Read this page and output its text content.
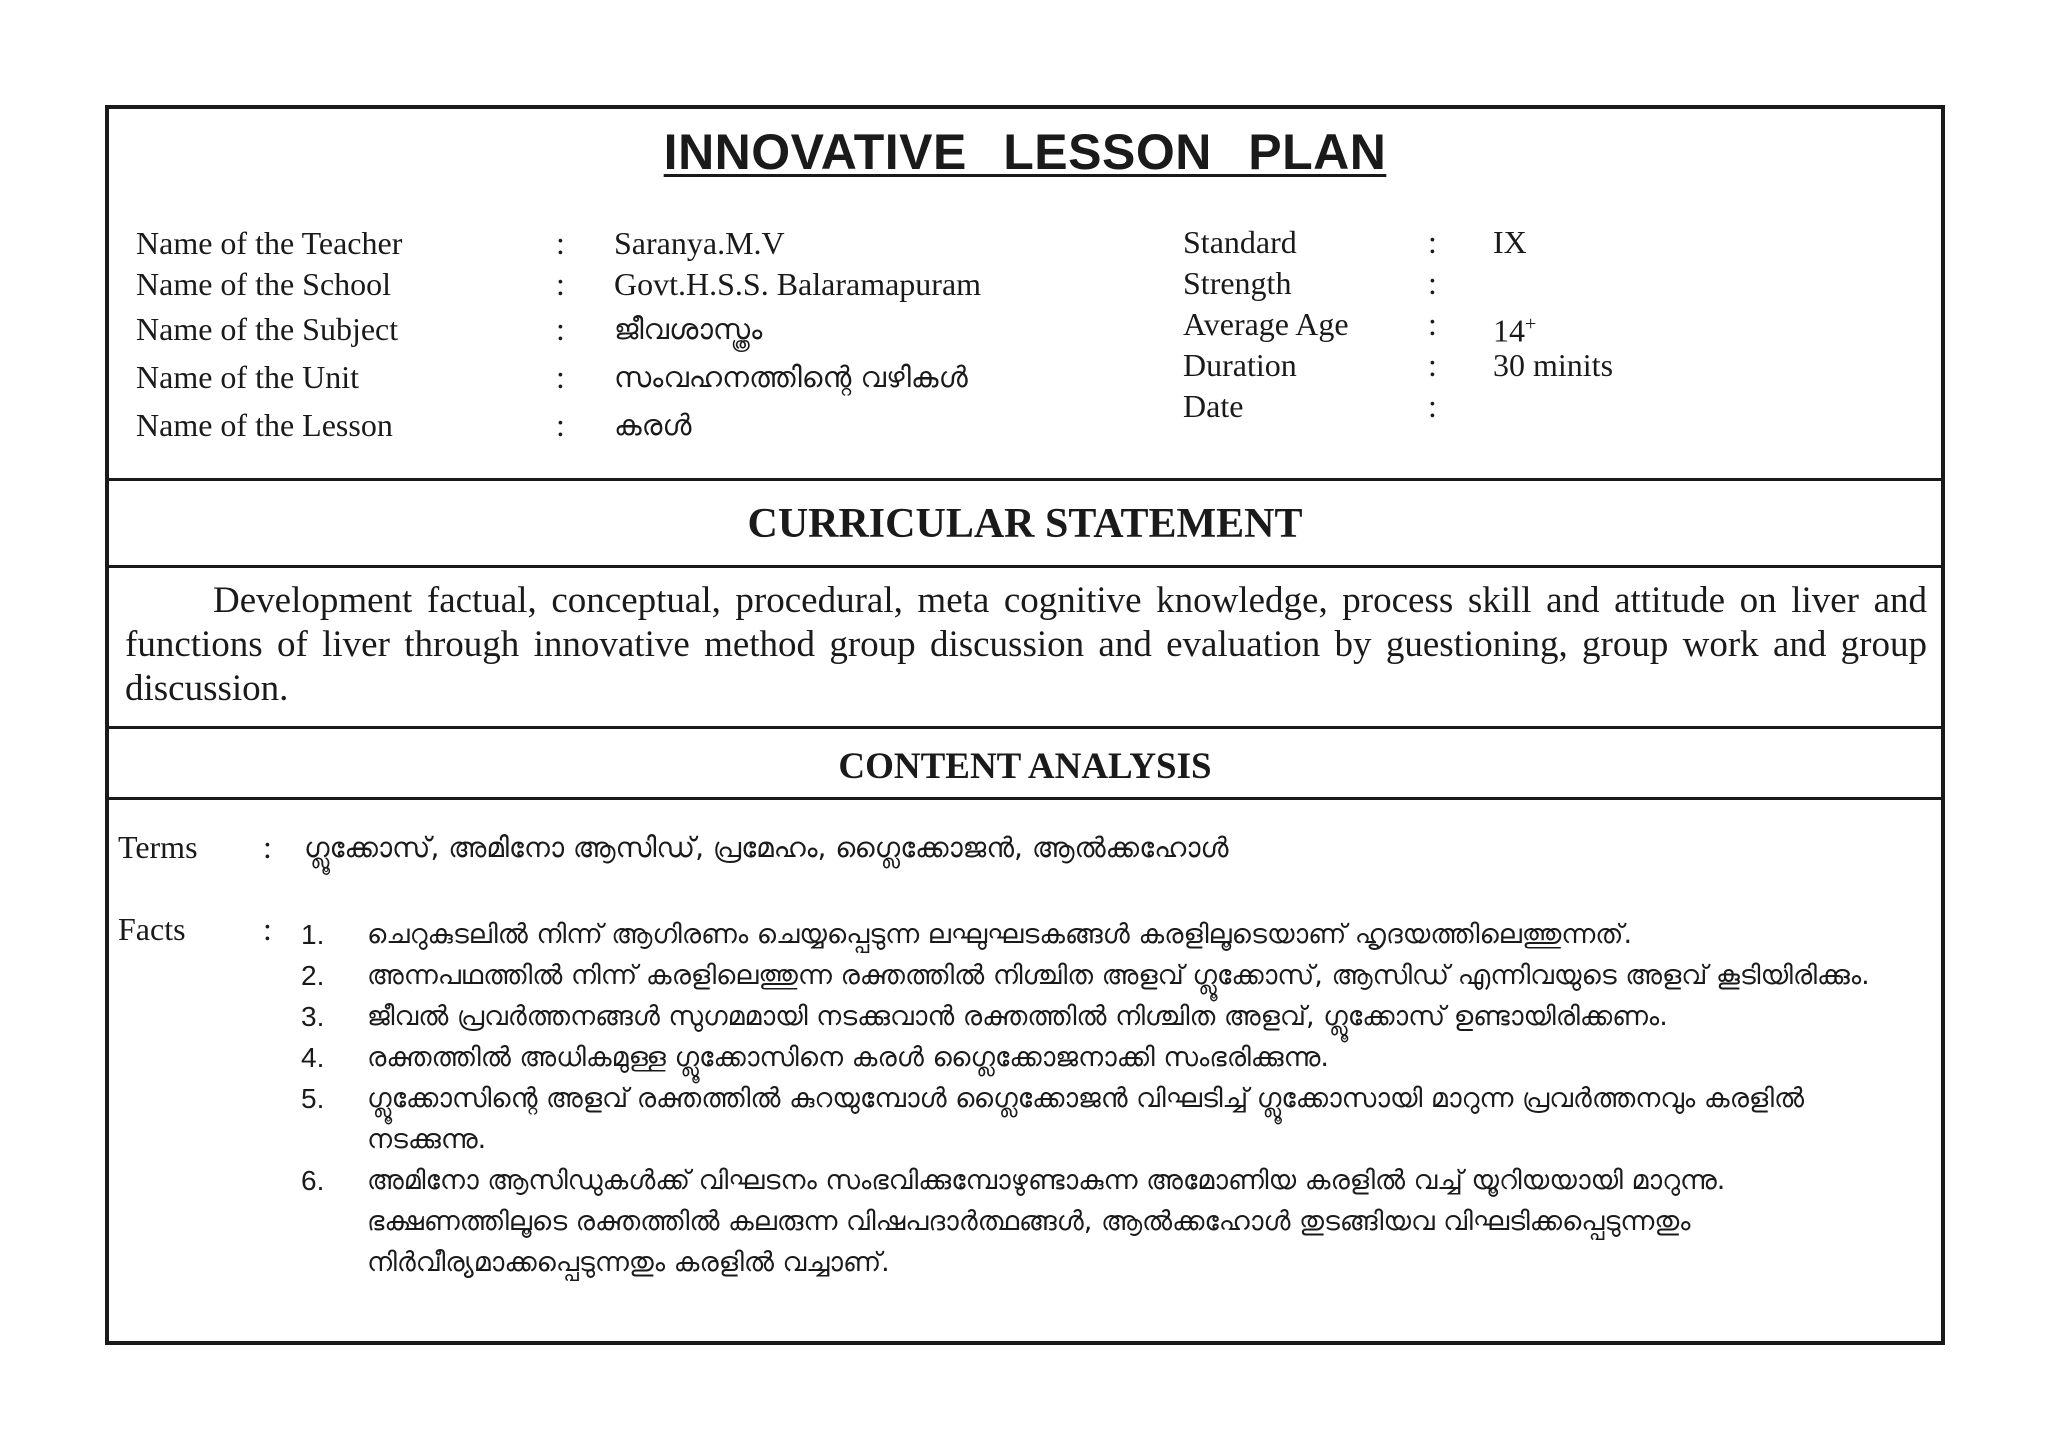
INNOVATIVE LESSON PLAN
Name of the Teacher	: Saranya.M.V
Name of the School	: Govt.H.S.S. Balaramapuram
Name of the Subject	: ജീവശാസ്ത്രം
Name of the Unit	: സംവഹനത്തിന്റെ വഴികൾ
Name of the Lesson	: കരൾ
Standard	: IX
Strength	:
Average Age : 14+
Duration	: 30 minits
Date	:
CURRICULAR STATEMENT
Development factual, conceptual, procedural, meta cognitive knowledge, process skill and attitude on liver and functions of liver through innovative method group discussion and evaluation by guestioning, group work and group discussion.
CONTENT ANALYSIS
Terms : ഗ്ലൂക്കോസ്, അമിനോ ആസിഡ്, പ്രമേഹം, ഗ്ലൈക്കോജൻ, ആൽക്കഹോൾ
Facts : 1. ചെറുകുടലിൽ നിന്ന് ആഗിരണം ചെയ്യപ്പെടുന്ന ലഘുഘടകങ്ങൾ കരളിലൂടെയാണ് ഹൃദയത്തിലെത്തുന്നത്.
2. അന്നപഥത്തിൽ നിന്ന് കരളിലെത്തുന്ന രക്തത്തിൽ നിശ്ചിത അളവ് ഗ്ലൂക്കോസ്, ആസിഡ് എന്നിവയുടെ അളവ് കൂടിയിരിക്കും.
3. ജീവൽ പ്രവർത്തനങ്ങൾ സുഗമമായി നടക്കുവാൻ രക്തത്തിൽ നിശ്ചിത അളവ്, ഗ്ലൂക്കോസ് ഉണ്ടായിരിക്കണം.
4. രക്തത്തിൽ അധികമുള്ള ഗ്ലൂക്കോസിനെ കരൾ ഗ്ലൈക്കോജനാക്കി സംഭരിക്കുന്നു.
5. ഗ്ലൂക്കോസിന്റെ അളവ് രക്തത്തിൽ കുറയുമ്പോൾ ഗ്ലൈക്കോജൻ വിഘടിച്ച് ഗ്ലൂക്കോസായി മാറുന്ന പ്രവർത്തനവും കരളിൽ നടക്കുന്നു.
6. അമിനോ ആസിഡുകൾക്ക് വിഘടനം സംഭവിക്കുമ്പോഴുണ്ടാകുന്ന അമോണിയ കരളിൽ വച്ച് യൂറിയയായി മാറുന്നു. ഭക്ഷണത്തിലൂടെ രക്തത്തിൽ കലരുന്ന വിഷപദാർത്ഥങ്ങൾ, ആൽക്കഹോൾ തുടങ്ങിയവ വിഘടിക്കപ്പെടുന്നതും നിർവീര്യമാക്കപ്പെടുന്നതും കരളിൽ വച്ചാണ്.
